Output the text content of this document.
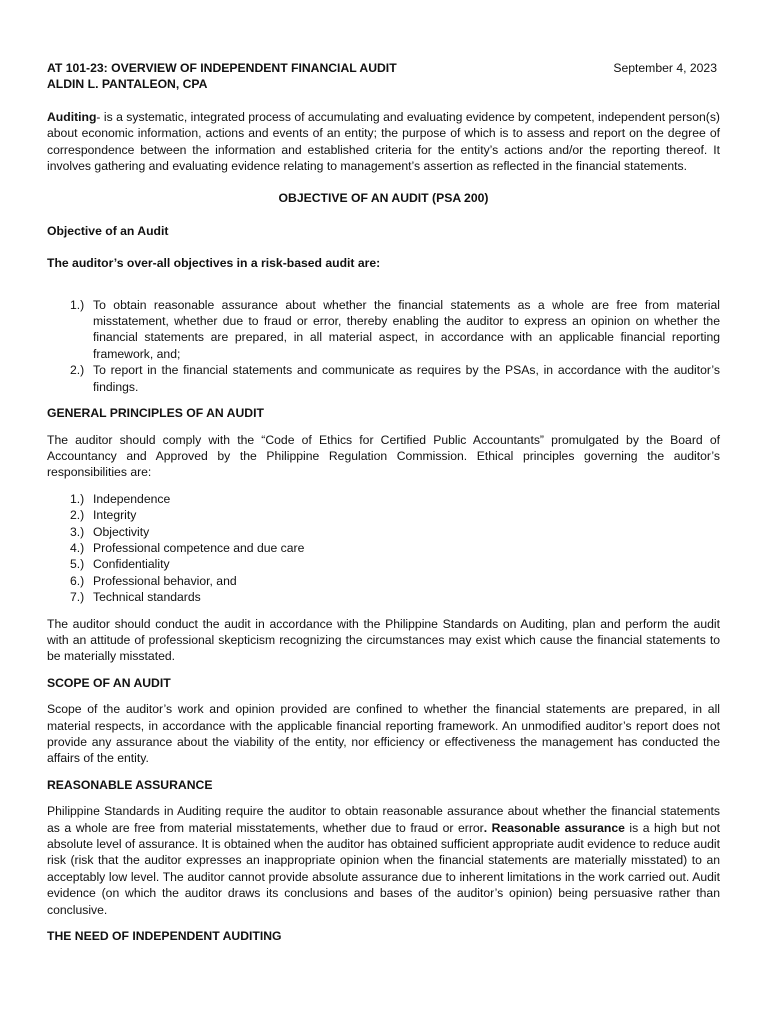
AT 101-23: OVERVIEW OF INDEPENDENT FINANCIAL AUDIT	September 4, 2023
ALDIN L. PANTALEON, CPA

Auditing- is a systematic, integrated process of accumulating and evaluating evidence by competent, independent person(s) about economic information, actions and events of an entity; the purpose of which is to assess and report on the degree of correspondence between the information and established criteria for the entity’s actions and/or the reporting thereof. It involves gathering and evaluating evidence relating to management’s assertion as reflected in the financial statements.

OBJECTIVE OF AN AUDIT (PSA 200)
Objective of an Audit
The auditor’s over-all objectives in a risk-based audit are:
1.) To obtain reasonable assurance about whether the financial statements as a whole are free from material misstatement, whether due to fraud or error, thereby enabling the auditor to express an opinion on whether the financial statements are prepared, in all material aspect, in accordance with an applicable financial reporting framework, and;
2.) To report in the financial statements and communicate as requires by the PSAs, in accordance with the auditor’s findings.
GENERAL PRINCIPLES OF AN AUDIT

The auditor should comply with the “Code of Ethics for Certified Public Accountants” promulgated by the Board of Accountancy and Approved by the Philippine Regulation Commission. Ethical principles governing the auditor’s responsibilities are:

1.) Independence
2.) Integrity
3.) Objectivity
4.) Professional competence and due care
5.) Confidentiality
6.) Professional behavior, and
7.) Technical standards

The auditor should conduct the audit in accordance with the Philippine Standards on Auditing, plan and perform the audit with an attitude of professional skepticism recognizing the circumstances may exist which cause the financial statements to be materially misstated.

SCOPE OF AN AUDIT

Scope of the auditor’s work and opinion provided are confined to whether the financial statements are prepared, in all material respects, in accordance with the applicable financial reporting framework. An unmodified auditor’s report does not provide any assurance about the viability of the entity, nor efficiency or effectiveness the management has conducted the affairs of the entity.

REASONABLE ASSURANCE

Philippine Standards in Auditing require the auditor to obtain reasonable assurance about whether the financial statements as a whole are free from material misstatements, whether due to fraud or error. Reasonable assurance is a high but not absolute level of assurance. It is obtained when the auditor has obtained sufficient appropriate audit evidence to reduce audit risk (risk that the auditor expresses an inappropriate opinion when the financial statements are materially misstated) to an acceptably low level. The auditor cannot provide absolute assurance due to inherent limitations in the work carried out. Audit evidence (on which the auditor draws its conclusions and bases of the auditor’s opinion) being persuasive rather than conclusive.

THE NEED OF INDEPENDENT AUDITING
